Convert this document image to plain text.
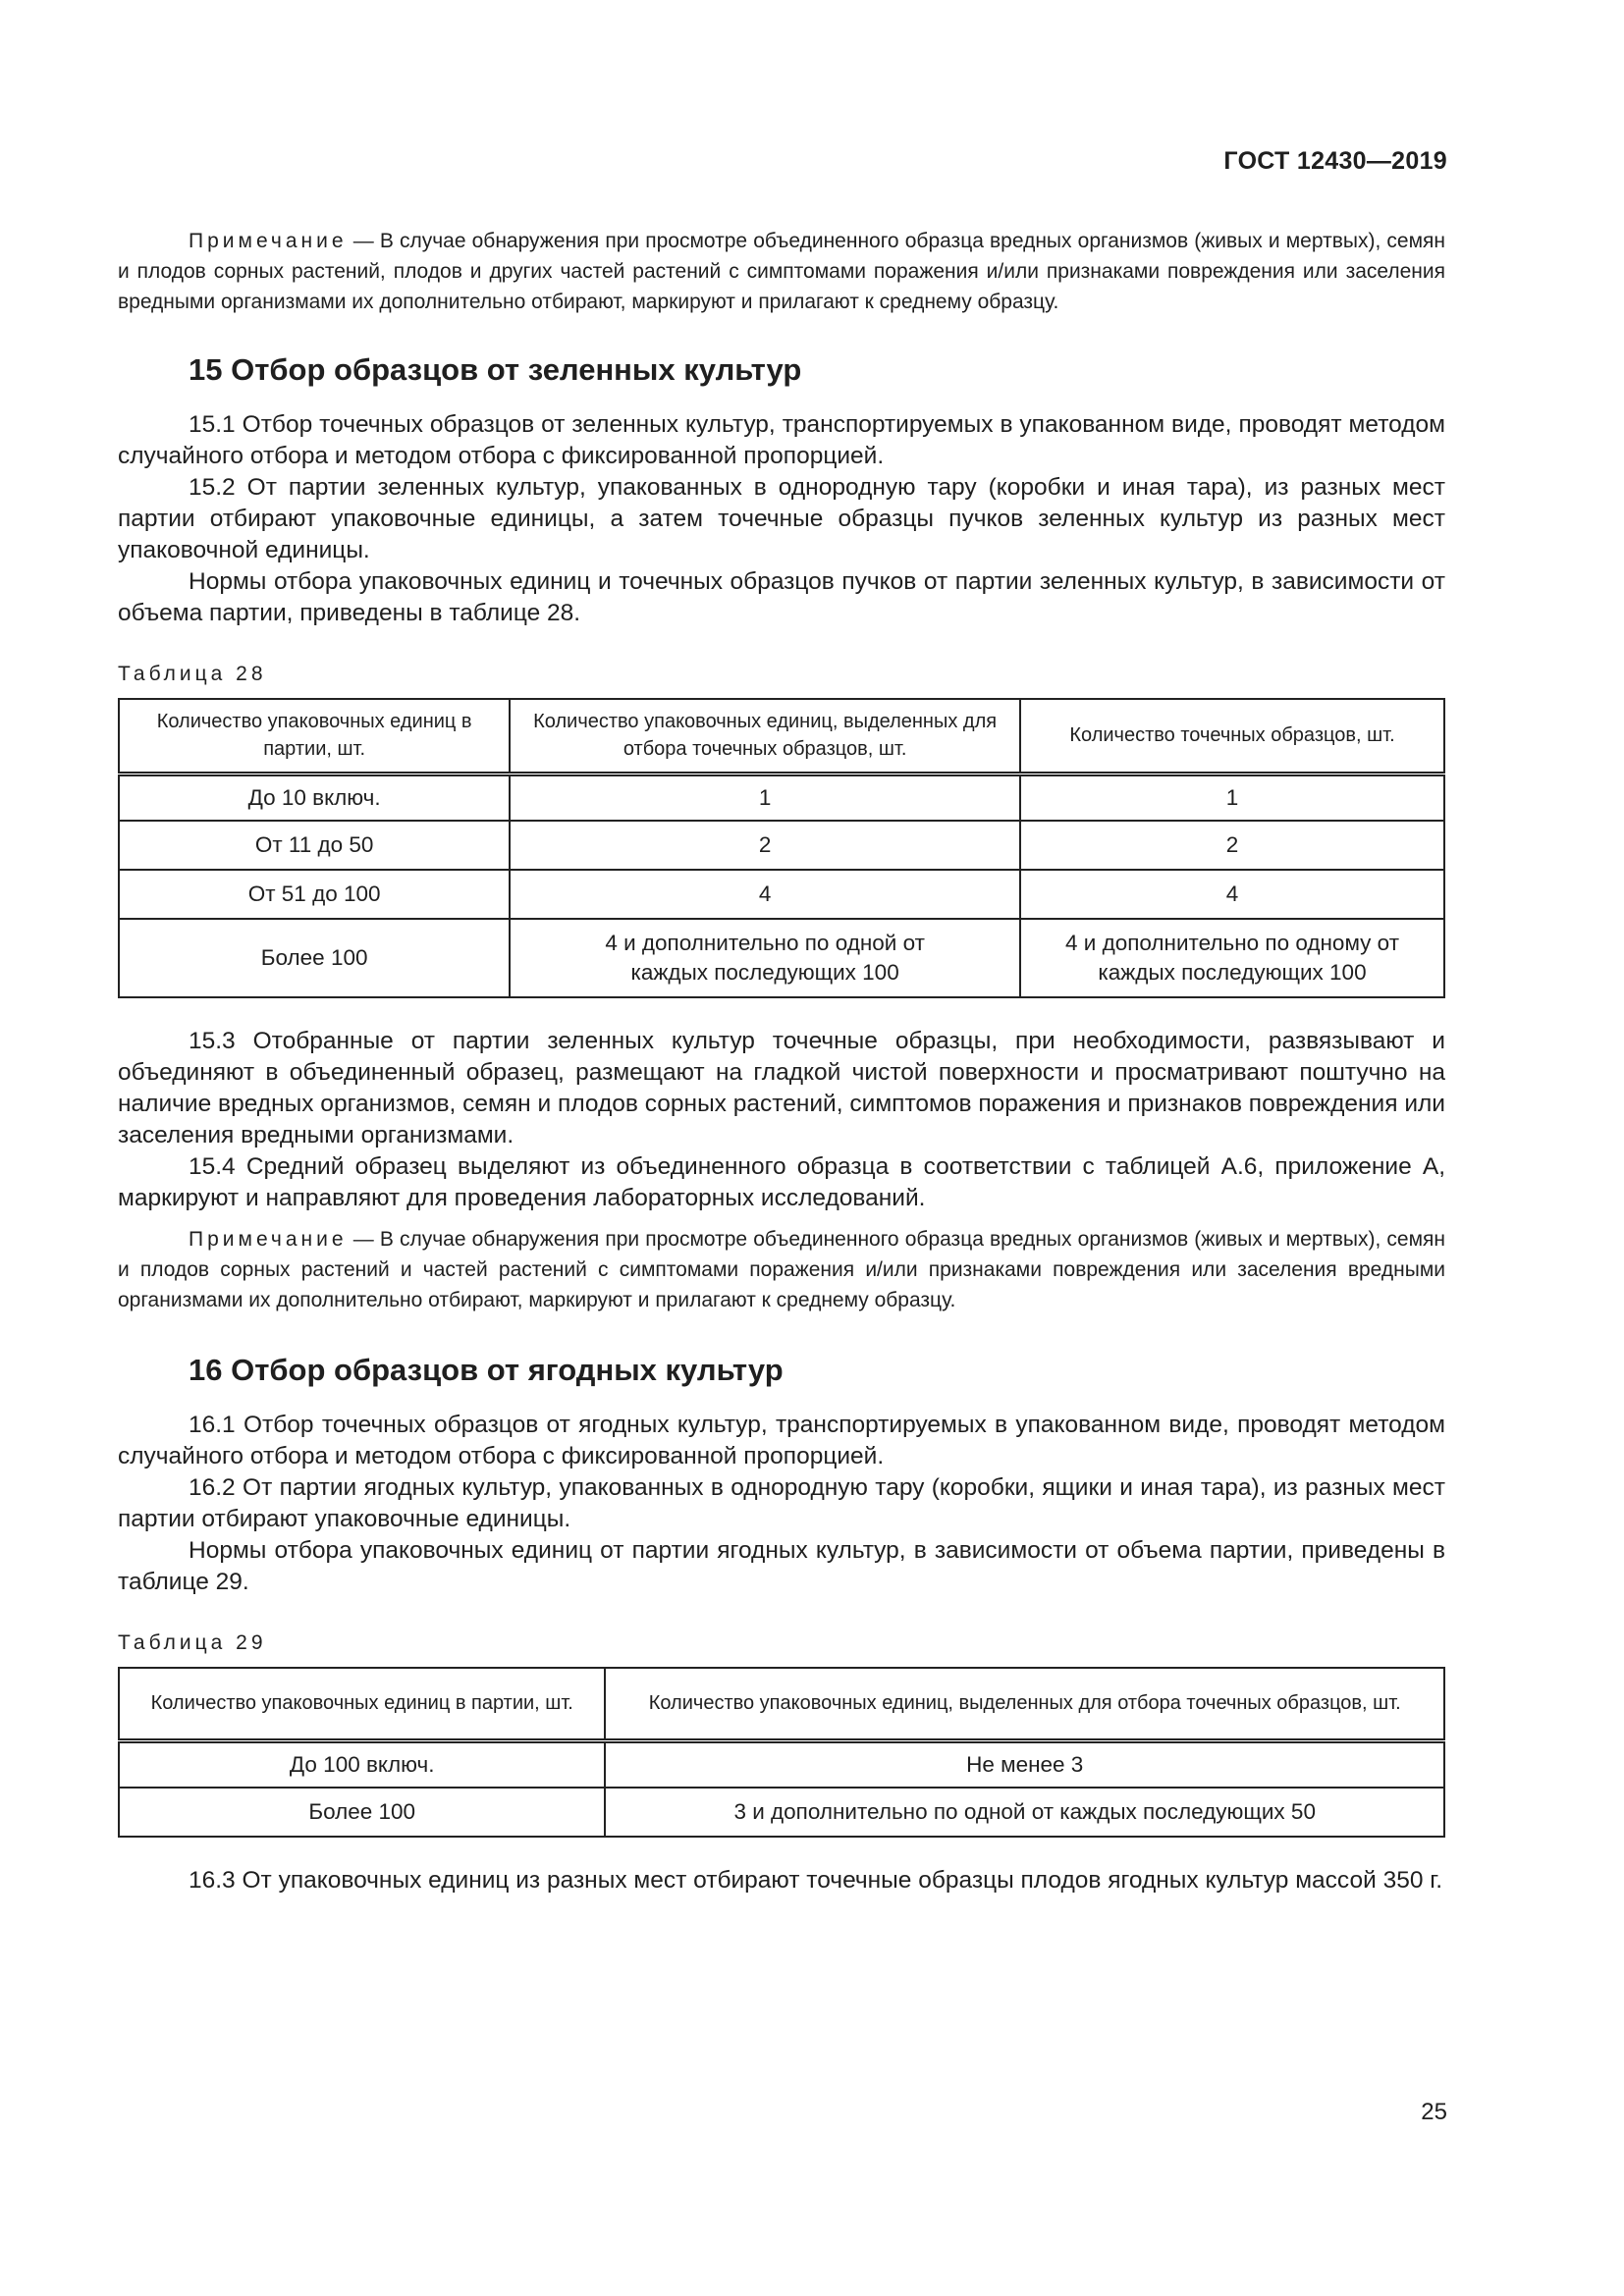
ГОСТ 12430—2019
Примечание — В случае обнаружения при просмотре объединенного образца вредных организмов (живых и мертвых), семян и плодов сорных растений, плодов и других частей растений с симптомами поражения и/или признаками повреждения или заселения вредными организмами их дополнительно отбирают, маркируют и прилагают к среднему образцу.
15 Отбор образцов от зеленных культур

15.1 Отбор точечных образцов от зеленных культур, транспортируемых в упакованном виде, проводят методом случайного отбора и методом отбора с фиксированной пропорцией.

15.2 От партии зеленных культур, упакованных в однородную тару (коробки и иная тара), из разных мест партии отбирают упаковочные единицы, а затем точечные образцы пучков зеленных культур из разных мест упаковочной единицы.

Нормы отбора упаковочных единиц и точечных образцов пучков от партии зеленных культур, в зависимости от объема партии, приведены в таблице 28.

Таблица 28
Количество упаковочных единиц в партии, шт.	Количество упаковочных единиц, выделенных для отбора точечных образцов, шт.	Количество точечных образцов, шт.
До 10 включ.	1	1
От 11 до 50	2	2
От 51 до 100	4	4
Более 100	4 и дополнительно по одной от каждых последующих 100	4 и дополнительно по одному от каждых последующих 100

15.3 Отобранные от партии зеленных культур точечные образцы, при необходимости, развязывают и объединяют в объединенный образец, размещают на гладкой чистой поверхности и просматривают поштучно на наличие вредных организмов, семян и плодов сорных растений, симптомов поражения и признаков повреждения или заселения вредными организмами.

15.4 Средний образец выделяют из объединенного образца в соответствии с таблицей А.6, приложение А, маркируют и направляют для проведения лабораторных исследований.

Примечание — В случае обнаружения при просмотре объединенного образца вредных организмов (живых и мертвых), семян и плодов сорных растений и частей растений с симптомами поражения и/или признаками повреждения или заселения вредными организмами их дополнительно отбирают, маркируют и прилагают к среднему образцу.
16 Отбор образцов от ягодных культур

16.1 Отбор точечных образцов от ягодных культур, транспортируемых в упакованном виде, проводят методом случайного отбора и методом отбора с фиксированной пропорцией.

16.2 От партии ягодных культур, упакованных в однородную тару (коробки, ящики и иная тара), из разных мест партии отбирают упаковочные единицы.

Нормы отбора упаковочных единиц от партии ягодных культур, в зависимости от объема партии, приведены в таблице 29.

Таблица 29
Количество упаковочных единиц в партии, шт.	Количество упаковочных единиц, выделенных для отбора точечных образцов, шт.
До 100 включ.	Не менее 3
Более 100	3 и дополнительно по одной от каждых последующих 50

16.3 От упаковочных единиц из разных мест отбирают точечные образцы плодов ягодных культур массой 350 г.

25
